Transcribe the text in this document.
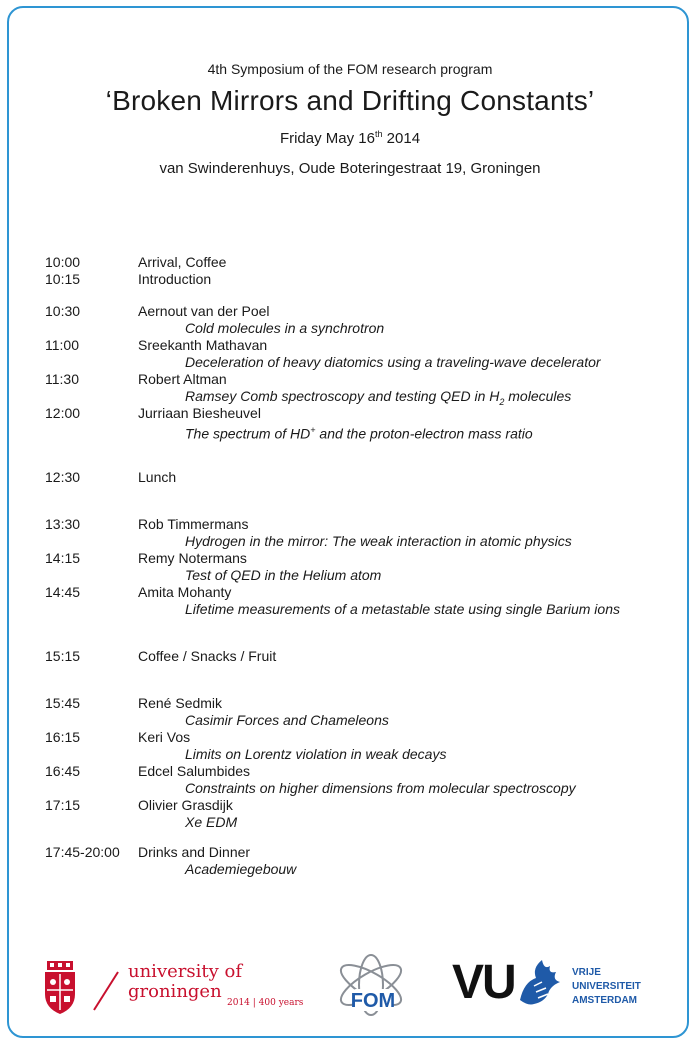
4th Symposium of the FOM research program
‘Broken Mirrors and Drifting Constants’
Friday May 16th 2014
van Swinderenhuys, Oude Boteringestraat 19, Groningen
10:00	Arrival, Coffee
10:15	Introduction
10:30	Aernout van der Poel
Cold molecules in a synchrotron
11:00	Sreekanth Mathavan
Deceleration of heavy diatomics using a traveling-wave decelerator
11:30	Robert Altman
Ramsey Comb spectroscopy and testing QED in $H_2$ molecules
12:00	Jurriaan Biesheuvel
The spectrum of HD+ and the proton-electron mass ratio
12:30	Lunch
13:30	Rob Timmermans
Hydrogen in the mirror: The weak interaction in atomic physics
14:15	Remy Notermans
Test of QED in the Helium atom
14:45	Amita Mohanty
Lifetime measurements of a metastable state using single Barium ions
15:15	Coffee / Snacks / Fruit
15:45	René Sedmik
Casimir Forces and Chameleons
16:15	Keri Vos
Limits on Lorentz violation in weak decays
16:45	Edcel Salumbides
Constraints on higher dimensions from molecular spectroscopy
17:15	Olivier Grasdijk
Xe EDM
17:45-20:00 Drinks and Dinner
Academiegebouw
university of
groningen
2014 | 400 years FOM VU	VRIJE
UNIVERSITEIT
AMSTERDAM
